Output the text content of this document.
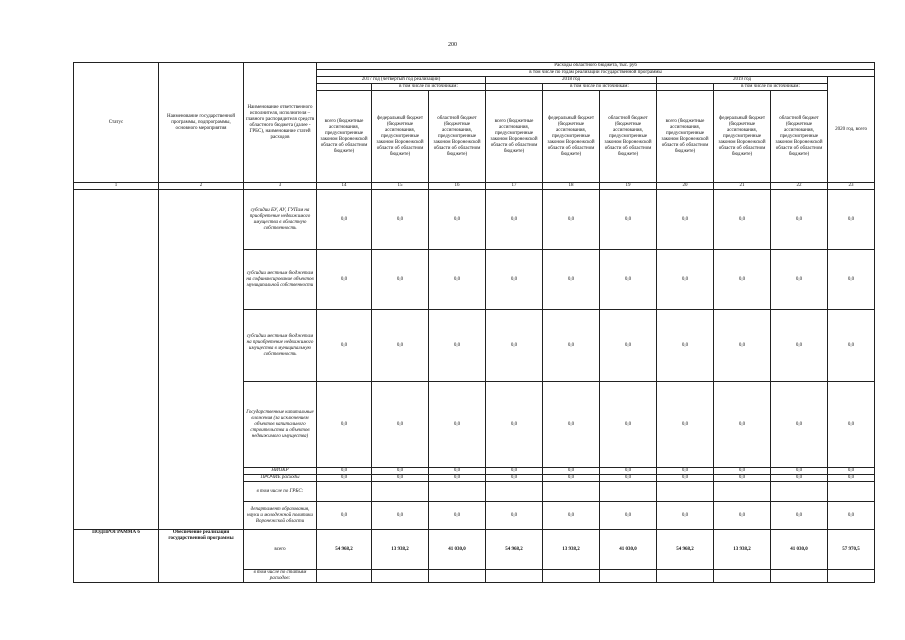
200
Статус	Наименование государственной программы, подпрограммы, основного мероприятия	Наименование ответственного исполнителя, исполнителя – главного распорядителя средств областного бюджета (далее - ГРБС), наименование статей расходов	Расходы областного бюджета, тыс. руб									
			в том числе по годам реализации государственной программы									
			2017 год (четвертый год реализации)			2018 год			2019 год			2020 год, всего
				в том числе по источникам:			в том числе по источникам:			в том числе по источникам:		
			всего (бюджетные ассигнования, предусмотренные законом Воронежской области об областном бюджете)	федеральный бюджет (бюджетные ассигнования, предусмотренные законом Воронежской области об областном бюджете)	областной бюджет (бюджетные ассигнования, предусмотренные законом Воронежской области об областном бюджете)	всего (бюджетные ассигнования, предусмотренные законом Воронежской области об областном бюджете)	федеральный бюджет (бюджетные ассигнования, предусмотренные законом Воронежской области об областном бюджете)	областной бюджет (бюджетные ассигнования, предусмотренные законом Воронежской области об областном бюджете)	всего (бюджетные ассигнования, предусмотренные законом Воронежской области об областном бюджете)	федеральный бюджет (бюджетные ассигнования, предусмотренные законом Воронежской области об областном бюджете)	областной бюджет (бюджетные ассигнования, предусмотренные законом Воронежской области об областном бюджете)	
1	2	3	14	15	16	17	18	19	20	21	22	23
		субсидии БУ, АУ, ГУПам на приобретение недвижимого имущества в областную собственность	0,0	0,0	0,0	0,0	0,0	0,0	0,0	0,0	0,0	0,0
		субсидии местным бюджетам на софинансирование объектов муниципальной собственности	0,0	0,0	0,0	0,0	0,0	0,0	0,0	0,0	0,0	0,0
		субсидии местным бюджетам на приобретение недвижимого имущества в муниципальную собственность	0,0	0,0	0,0	0,0	0,0	0,0	0,0	0,0	0,0	0,0
		Государственные капитальные вложения (за исключением объектов капитального строительства и объектов недвижимого имущества)	0,0	0,0	0,0	0,0	0,0	0,0	0,0	0,0	0,0	0,0
		НИОКР	0,0	0,0	0,0	0,0	0,0	0,0	0,0	0,0	0,0	0,0
		ПРОЧИЕ расходы	0,0	0,0	0,0	0,0	0,0	0,0	0,0	0,0	0,0	0,0
		в том числе по ГРБС:										
		департамент образования, науки и молодежной политики Воронежской области	0,0	0,0	0,0	0,0	0,0	0,0	0,0	0,0	0,0	0,0
ПОДПРОГРАММА 6	Обеспечение реализации государственной программы	всего	54 968,2	13 938,2	41 030,0	54 968,2	13 938,2	41 030,0	54 968,2	13 938,2	41 030,0	57 970,5
		в том числе по статьям расходов:										
